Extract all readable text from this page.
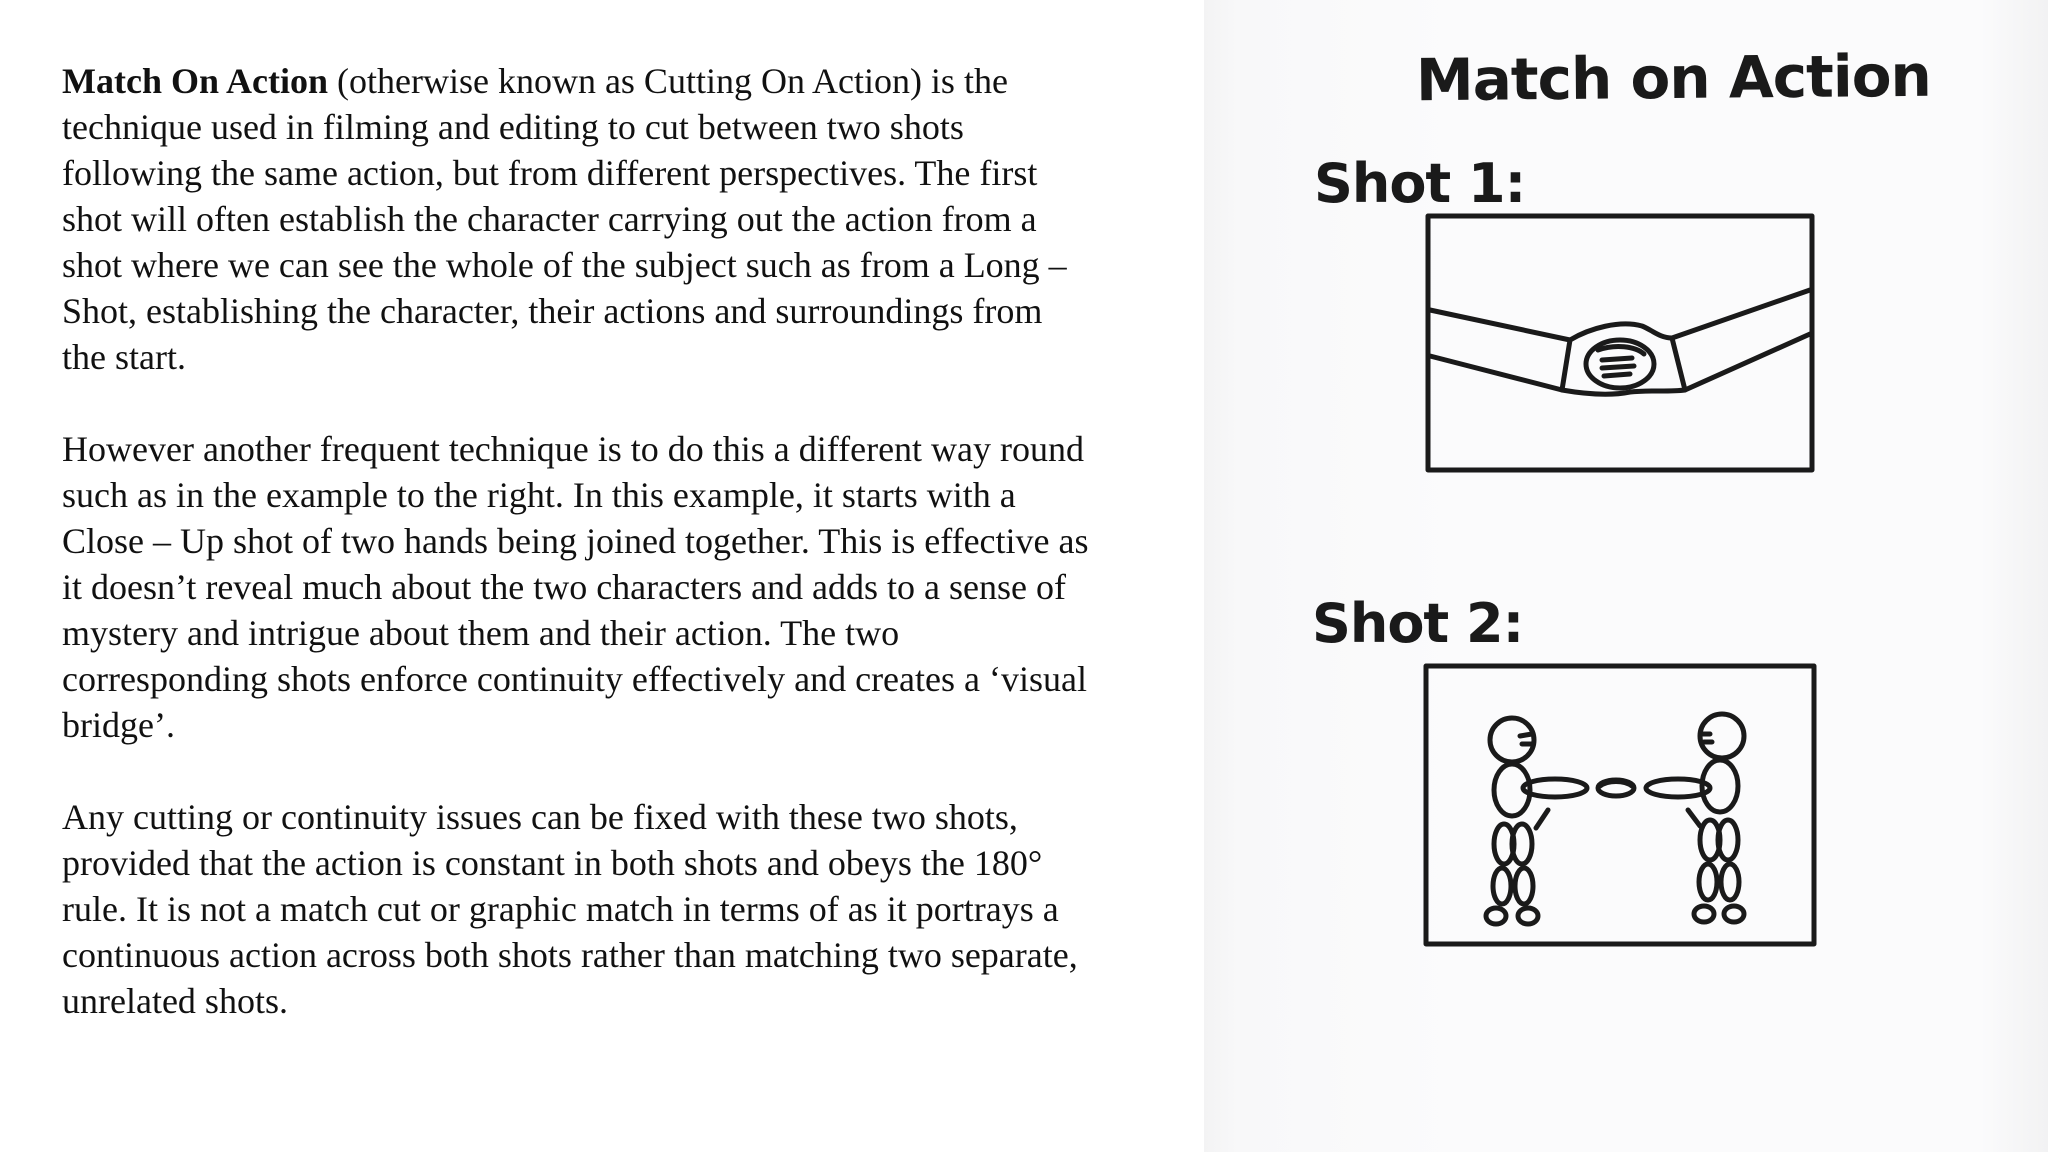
Match On Action (otherwise known as Cutting On Action) is the technique used in filming and editing to cut between two shots following the same action, but from different perspectives. The first shot will often establish the character carrying out the action from a shot where we can see the whole of the subject such as from a Long – Shot, establishing the character, their actions and surroundings from the start.

However another frequent technique is to do this a different way round such as in the example to the right. In this example, it starts with a Close – Up shot of two hands being joined together. This is effective as it doesn’t reveal much about the two characters and adds to a sense of mystery and intrigue about them and their action. The two corresponding shots enforce continuity effectively and creates a ‘visual bridge’.

Any cutting or continuity issues can be fixed with these two shots, provided that the action is constant in both shots and obeys the 180° rule. It is not a match cut or graphic match in terms of as it portrays a continuous action across both shots rather than matching two separate, unrelated shots.

Match on Action
Shot 1:
Shot 2:
